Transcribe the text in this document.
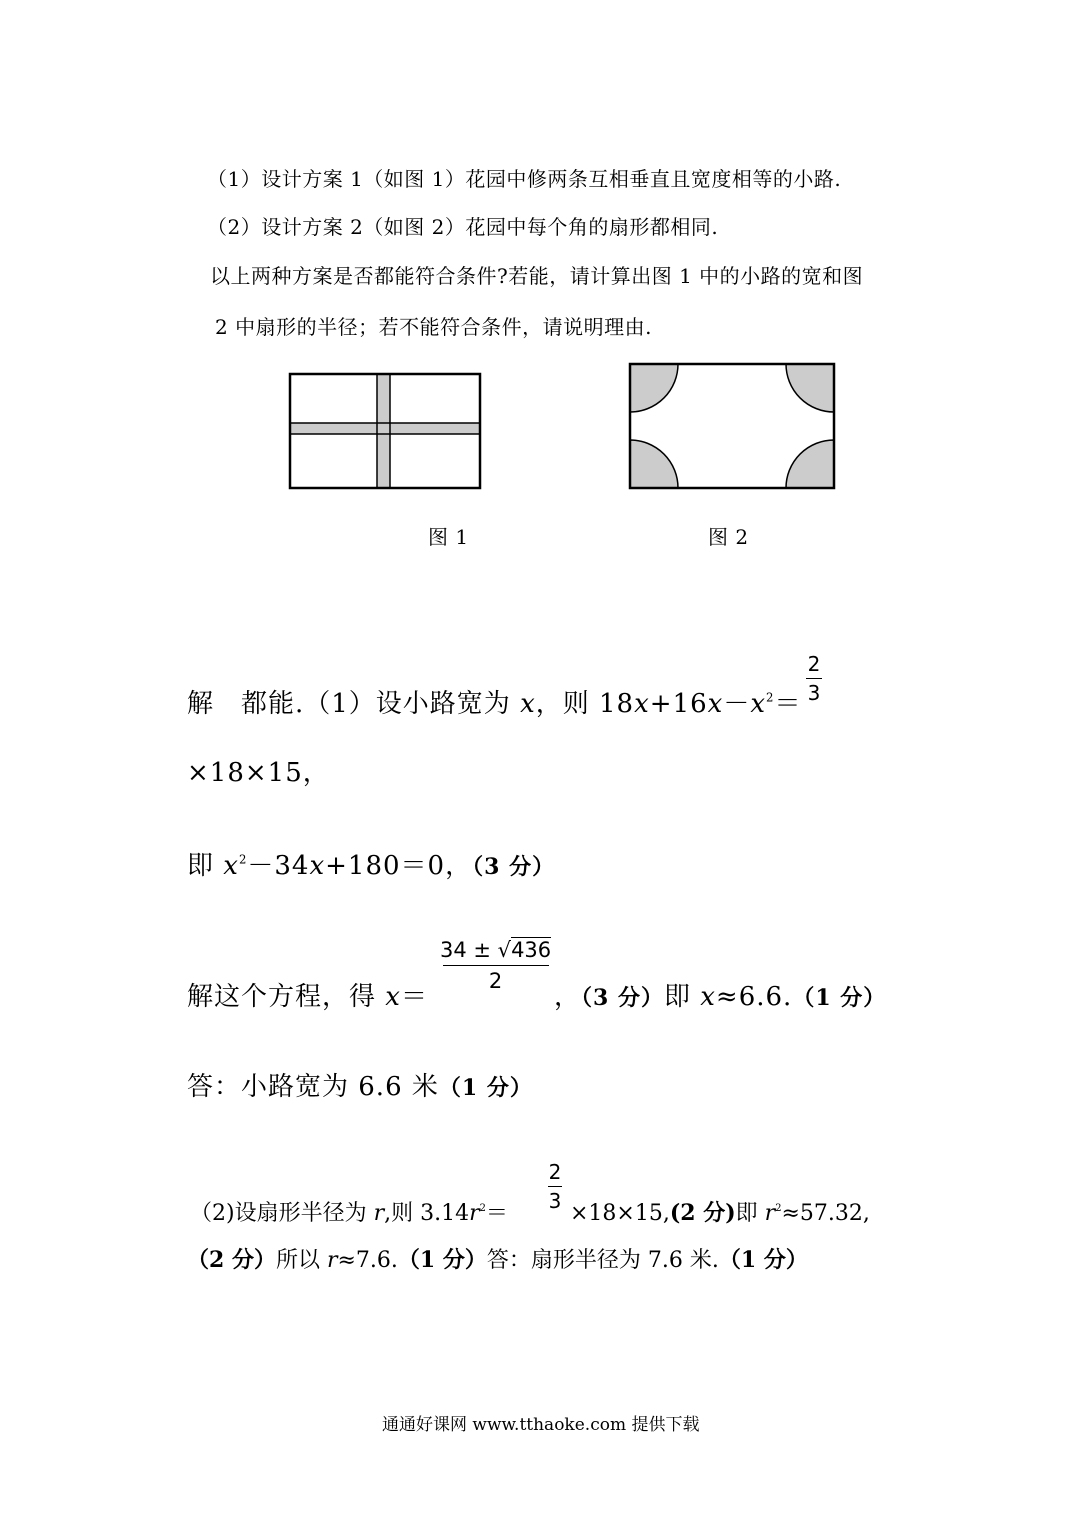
（1）设计方案 1（如图 1）花园中修两条互相垂直且宽度相等的小路.
（2）设计方案 2（如图 2）花园中每个角的扇形都相同.
以上两种方案是否都能符合条件?若能，请计算出图 1 中的小路的宽和图
2 中扇形的半径；若不能符合条件，请说明理由.
图 1	图 2
解　都能.（1）设小路宽为 x，则 $18x+16x-x^2=$
2
3
×18×15，
即 $x^2-34x+180=0$，（3 分）
解这个方程，得 x＝
34 ± √436
2
，（3 分）即 x≈6.6.（1 分）
答：小路宽为 6.6 米（1 分）
（2)设扇形半径为 r,则 $3.14r^2=$
2
3 ×18×15,(2 分)即 $r^2\approx 57.32$,
（2 分）所以 r≈7.6.（1 分）答：扇形半径为 7.6 米.（1 分）
通通好课网 www.tthaoke.com 提供下载
